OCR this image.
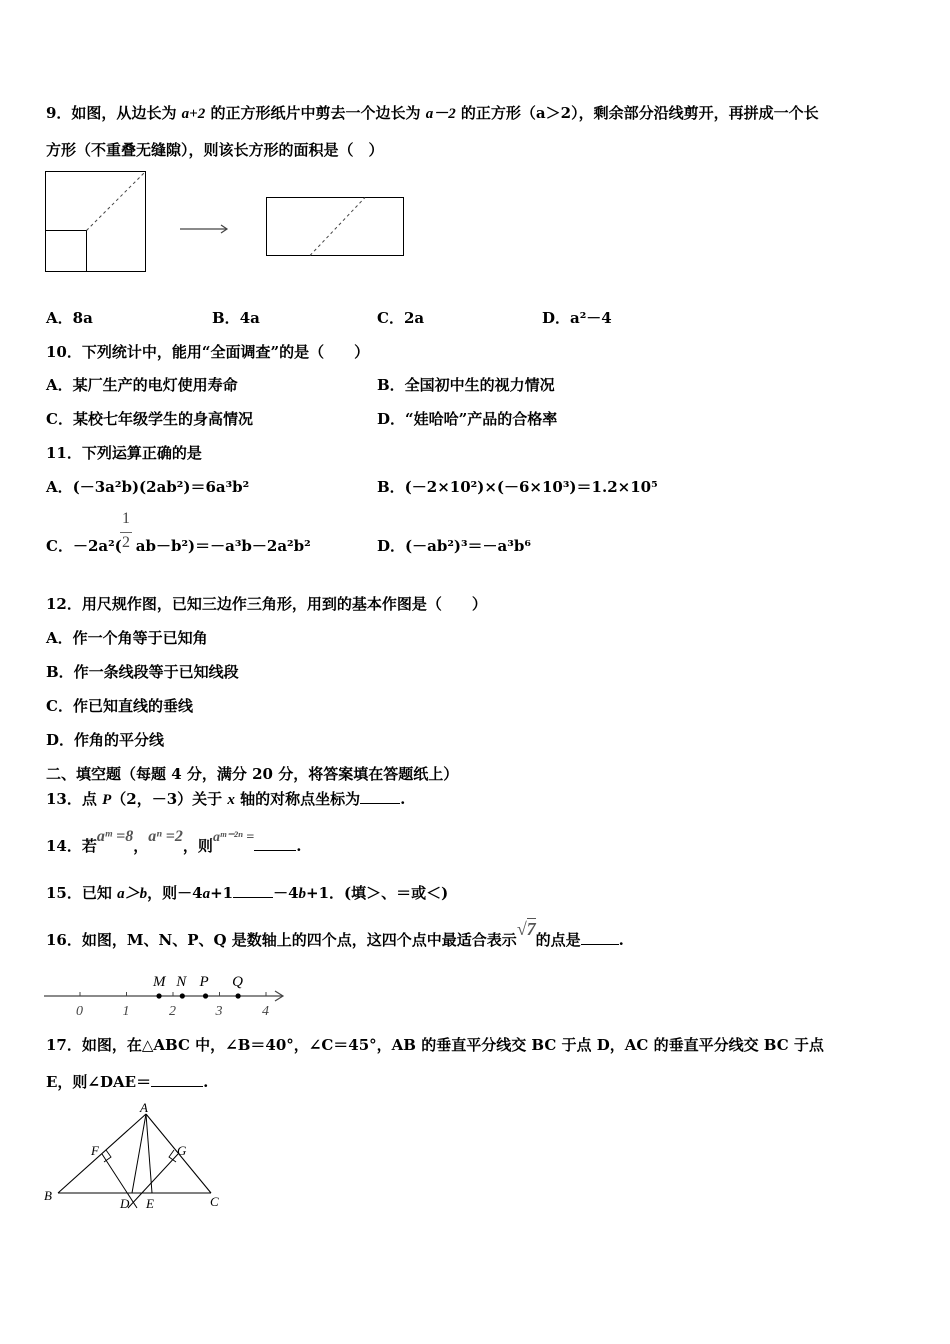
9．如图，从边长为 a+2 的正方形纸片中剪去一个边长为 a－2 的正方形（a＞2），剩余部分沿线剪开，再拼成一个长
方形（不重叠无缝隙），则该长方形的面积是（　）
A．8a	B．4a	C．2a	D．a²－4
10．下列统计中，能用“全面调查”的是（　　）
A．某厂生产的电灯使用寿命	B．全国初中生的视力情况
C．某校七年级学生的身高情况	D．“娃哈哈”产品的合格率
11．下列运算正确的是
A．(－3a²b)(2ab²)＝6a³b²	B．(－2×10²)×(－6×10³)＝1.2×10⁵
1
2
C．－2a²( ab－b²)＝－a³b－2a²b²	D．(－ab²)³＝－a³b⁶
12．用尺规作图，已知三边作三角形，用到的基本作图是（　　）
A．作一个角等于已知角
B．作一条线段等于已知线段
C．作已知直线的垂线
D．作角的平分线
二、填空题（每题 4 分，满分 20 分，将答案填在答题纸上）
13．点 P（2，－3）关于 x 轴的对称点坐标为	.
14．若aᵐ =8，aⁿ =2，则aᵐ⁻²ⁿ =	.
15．已知 a＞b，则－4a+1	－4b+1．(填＞、＝或＜)
16．如图，M、N、P、Q 是数轴上的四个点，这四个点中最适合表示√7的点是	.
0	1	2	3	4
M N P Q
17．如图，在△ABC 中，∠B＝40°，∠C＝45°，AB 的垂直平分线交 BC 于点 D，AC 的垂直平分线交 BC 于点
E，则∠DAE＝	.
A
B	C
D E
F	G
